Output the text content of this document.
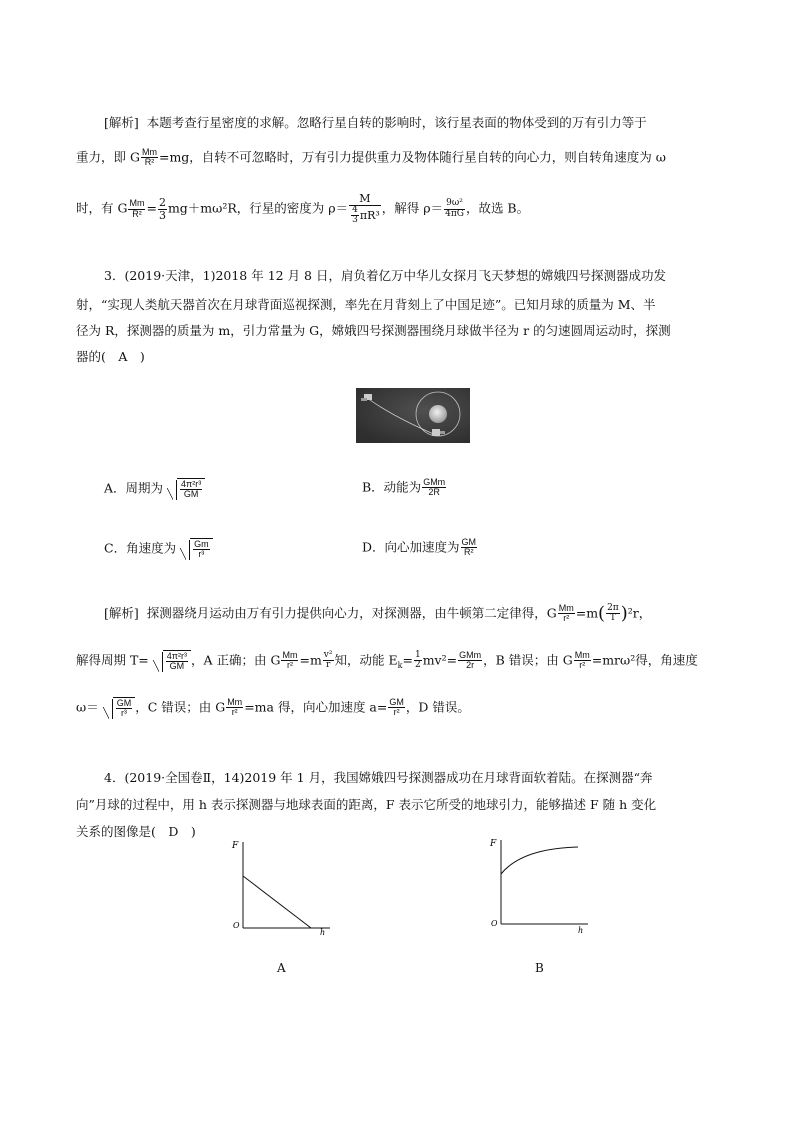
[解析] 本题考查行星密度的求解。忽略行星自转的影响时，该行星表面的物体受到的万有引力等于
重力，即 G $\frac{Mm}{\text{R²}} =mg$，自转不可忽略时，万有引力提供重力及物体随行星自转的向心力，则自转角速度为 ω
时，有 G $\frac{Mm}{\text{R²}} = \frac{2}{3} mg+m\omega^2R$，行星的密度为 $\rho= \frac{M}{\frac{4}{3} \pi R^3}$ ，解得 $\rho= \frac{\text{9ω²}}{4\pi G}$ ，故选 B。
3．(2019·天津，1)2018 年 12 月 8 日，肩负着亿万中华儿女探月飞天梦想的嫦娥四号探测器成功发
射，“实现人类航天器首次在月球背面巡视探测，率先在月背刻上了中国足迹”。已知月球的质量为 M、半
径为 R，探测器的质量为 m，引力常量为 G，嫦娥四号探测器围绕月球做半径为 r 的匀速圆周运动时，探测
器的(　A　)
A．周期为 $\frac{\text{4π²r³}}{GM}$	B．动能为 $\frac{\text{GMm}}{2R}$
C．角速度为 $\frac{Gm}{\text{r³}}$	D．向心加速度为 $\frac{GM}{\text{R²}}$
[解析] 探测器绕月运动由万有引力提供向心力，对探测器，由牛顿第二定律得，G $\frac{Mm}{\text{r²}} =m( \frac{2\pi}{T} )^2r$，
解得周期 $T= \frac{\text{4π²r³}}{GM}$ ，A 正确；由 G $\frac{Mm}{\text{r²}} =m \frac{\text{v²}}{r}$ 知，动能 $E_k= \frac{1}{2} mv^2= \frac{\text{GMm}}{2r}$ ，B 错误；由 G $\frac{Mm}{\text{r²}} =mr\omega^2$得，角速度
$\omega= \frac{GM}{\text{r³}}$ ，C 错误；由 G $\frac{Mm}{\text{r²}} =ma$ 得，向心加速度 $a= \frac{GM}{\text{r²}}$ ，D 错误。
4．(2019·全国卷Ⅱ，14)2019 年 1 月，我国嫦娥四号探测器成功在月球背面软着陆。在探测器“奔
向”月球的过程中，用 h 表示探测器与地球表面的距离，F 表示它所受的地球引力，能够描述 F 随 h 变化
关系的图像是(　D　)
F
h
O
A
F
h
O
B
